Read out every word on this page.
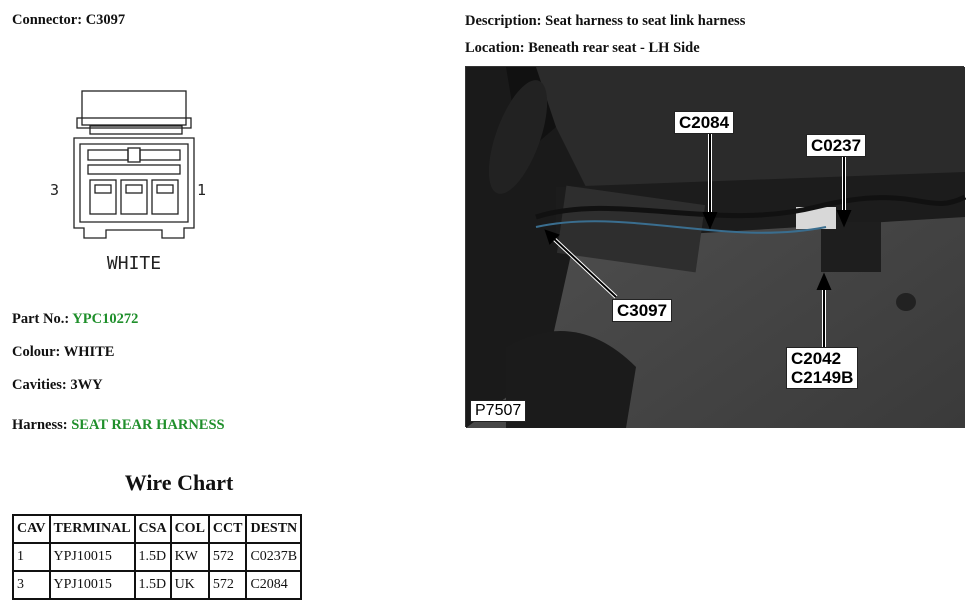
Connector: C3097
3	1
WHITE
Part No.: YPC10272
Colour: WHITE
Cavities: 3WY
Harness: SEAT REAR HARNESS
Description: Seat harness to seat link harness
Location: Beneath rear seat - LH Side
C2084
C0237
C3097
C2042
C2149B
P7507
Wire Chart
CAV	TERMINAL	CSA	COL	CCT	DESTN
1	YPJ10015	1.5D	KW	572	C0237B
3	YPJ10015	1.5D	UK	572	C2084
